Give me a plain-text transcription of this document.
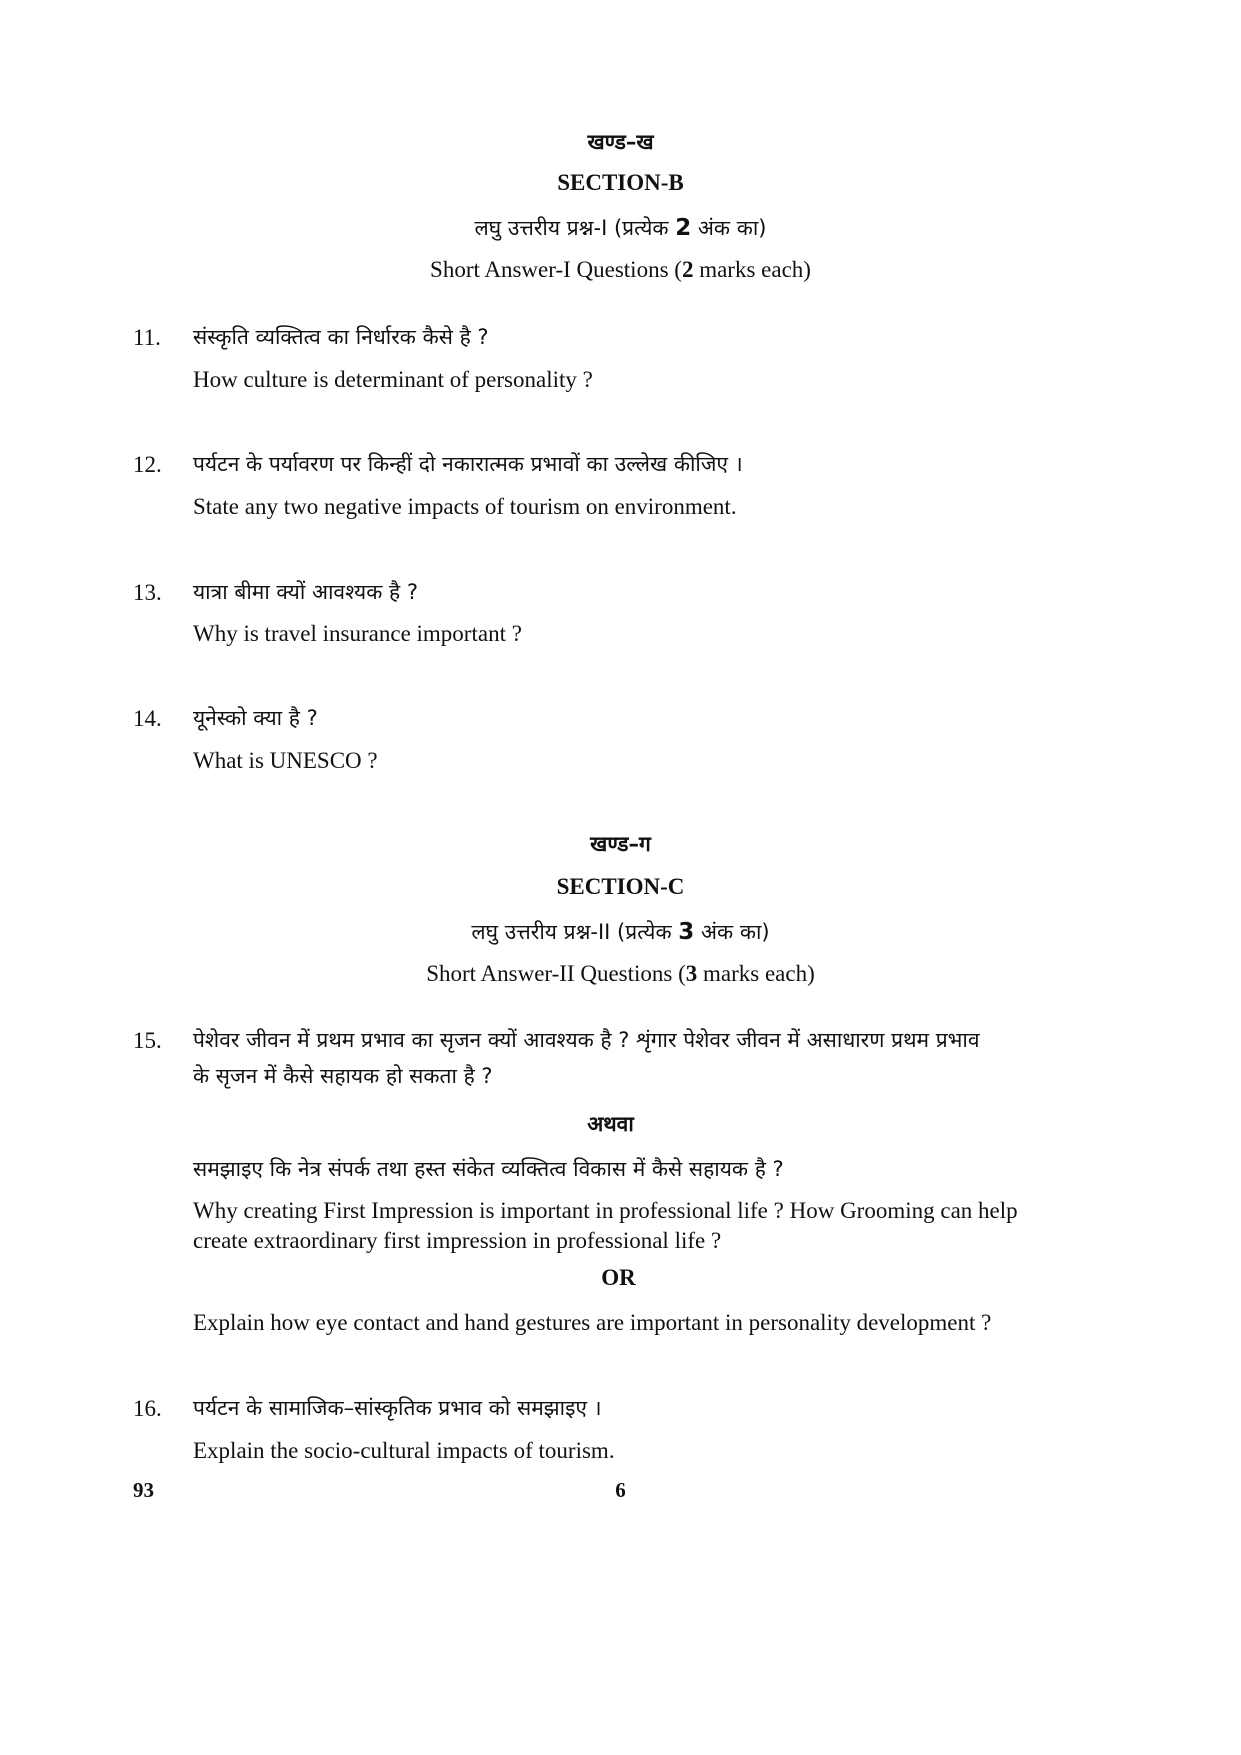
खण्ड–ख
SECTION-B
लघु उत्तरीय प्रश्न-I (प्रत्येक 2 अंक का)
Short Answer-I Questions (2 marks each)
11. संस्कृति व्यक्तित्व का निर्धारक कैसे है ?
How culture is determinant of personality ?
12. पर्यटन के पर्यावरण पर किन्हीं दो नकारात्मक प्रभावों का उल्लेख कीजिए ।
State any two negative impacts of tourism on environment.
13. यात्रा बीमा क्यों आवश्यक है ?
Why is travel insurance important ?
14. यूनेस्को क्या है ?
What is UNESCO ?
खण्ड–ग
SECTION-C
लघु उत्तरीय प्रश्न-II (प्रत्येक 3 अंक का)
Short Answer-II Questions (3 marks each)
15. पेशेवर जीवन में प्रथम प्रभाव का सृजन क्यों आवश्यक है ? शृंगार पेशेवर जीवन में असाधारण प्रथम प्रभाव
के सृजन में कैसे सहायक हो सकता है ?
अथवा
समझाइए कि नेत्र संपर्क तथा हस्त संकेत व्यक्तित्व विकास में कैसे सहायक है ?
Why creating First Impression is important in professional life ? How Grooming can help create extraordinary first impression in professional life ?
OR
Explain how eye contact and hand gestures are important in personality development ?
16. पर्यटन के सामाजिक–सांस्कृतिक प्रभाव को समझाइए ।
Explain the socio-cultural impacts of tourism.
93	6
